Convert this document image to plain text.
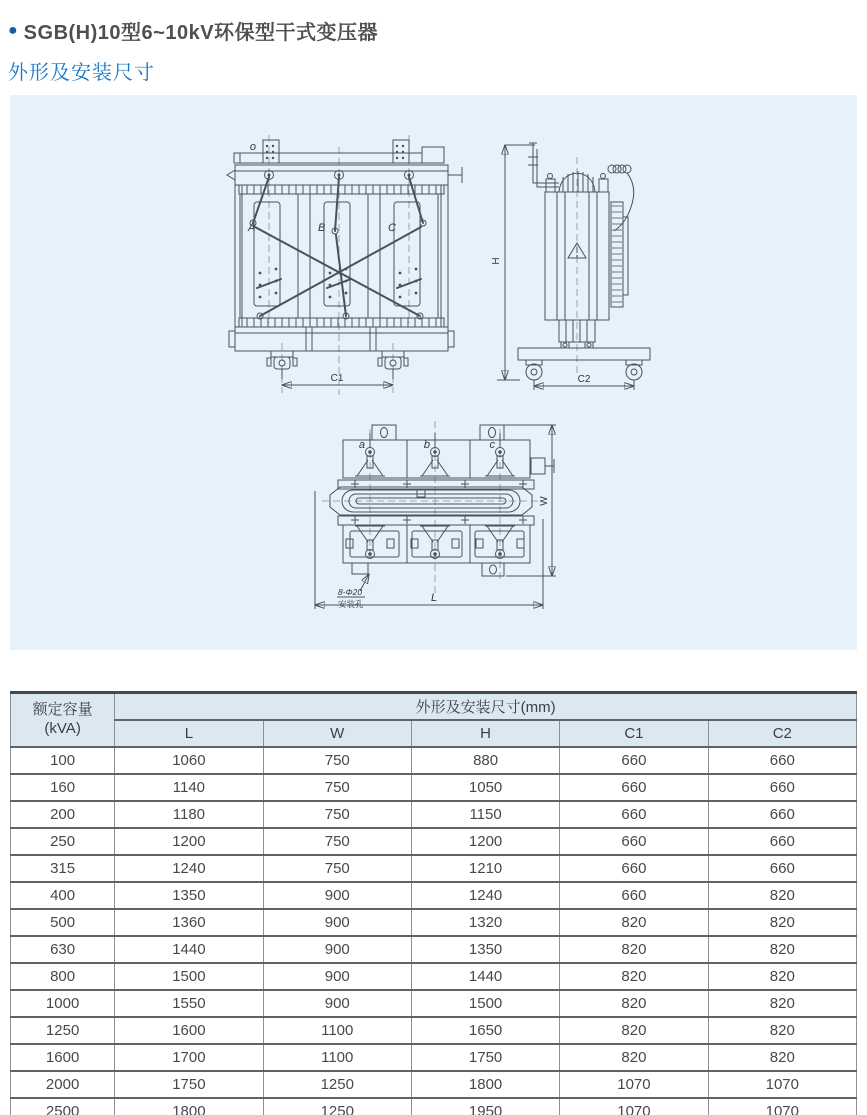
● SGB(H)10型6~10kV环保型干式变压器
外形及安装尺寸
o
A	B	C
C1
H
C2
a	b	c
W
L
8-Φ20
安装孔
额定容量
(kVA)	外形及安装尺寸(mm)				
	L	W	H	C1	C2
100	1060	750	880	660	660
160	1140	750	1050	660	660
200	1180	750	1150	660	660
250	1200	750	1200	660	660
315	1240	750	1210	660	660
400	1350	900	1240	660	820
500	1360	900	1320	820	820
630	1440	900	1350	820	820
800	1500	900	1440	820	820
1000	1550	900	1500	820	820
1250	1600	1100	1650	820	820
1600	1700	1100	1750	820	820
2000	1750	1250	1800	1070	1070
2500	1800	1250	1950	1070	1070
